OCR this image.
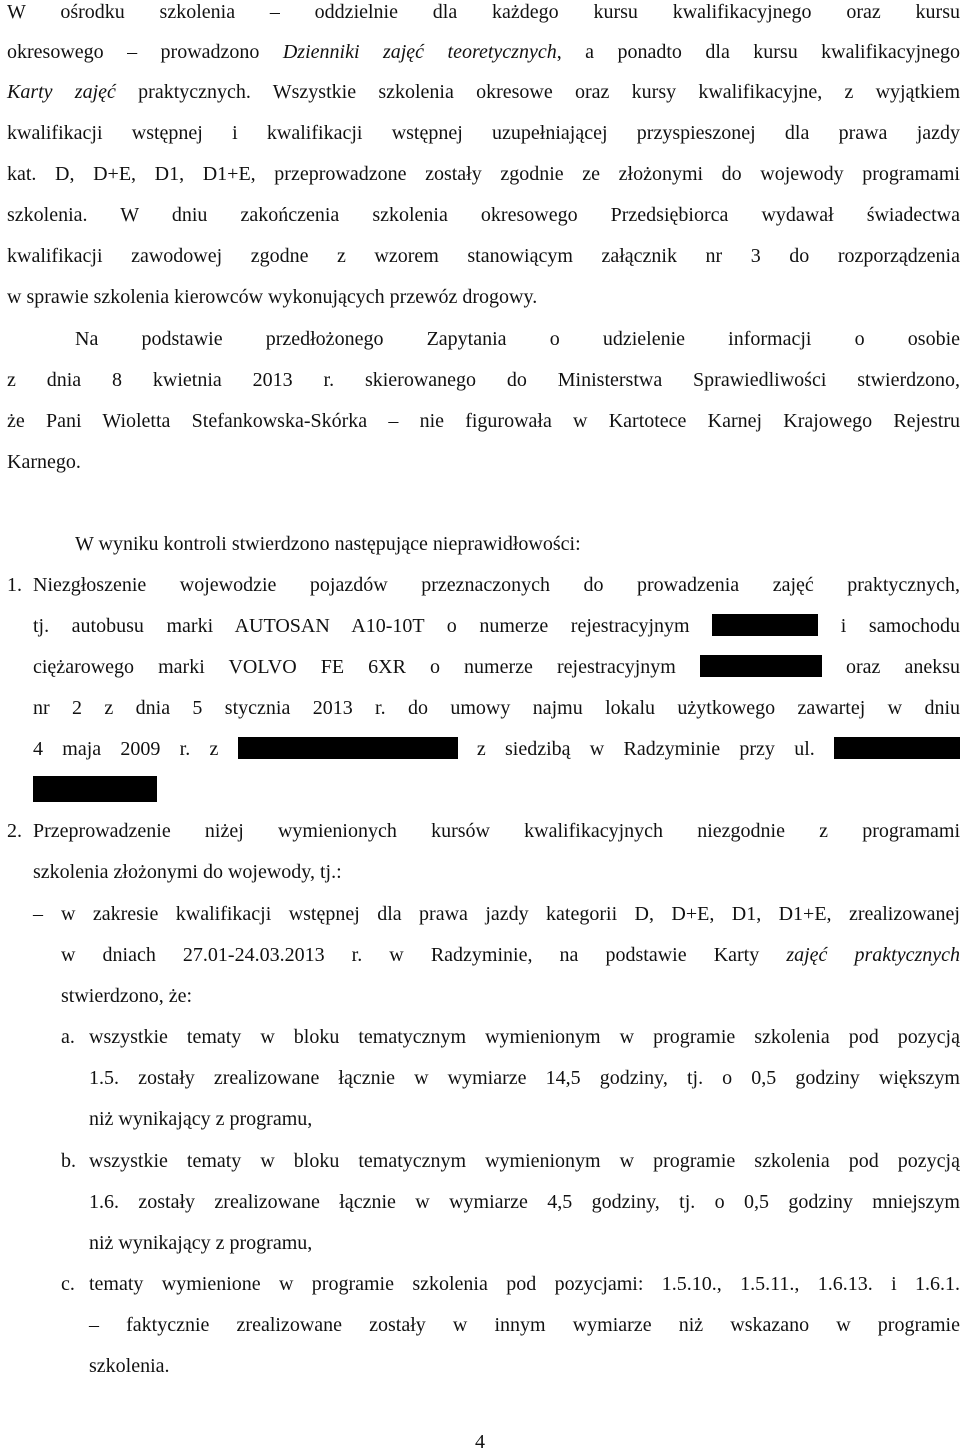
W ośrodku szkolenia – oddzielnie dla każdego kursu kwalifikacyjnego oraz kursu
okresowego – prowadzono Dzienniki zajęć teoretycznych, a ponadto dla kursu kwalifikacyjnego
Karty zajęć praktycznych. Wszystkie szkolenia okresowe oraz kursy kwalifikacyjne, z wyjątkiem
kwalifikacji wstępnej i kwalifikacji wstępnej uzupełniającej przyspieszonej dla prawa jazdy
kat. D, D+E, D1, D1+E, przeprowadzone zostały zgodnie ze złożonymi do wojewody programami
szkolenia. W dniu zakończenia szkolenia okresowego Przedsiębiorca wydawał świadectwa
kwalifikacji zawodowej zgodne z wzorem stanowiącym załącznik nr 3 do rozporządzenia
w sprawie szkolenia kierowców wykonujących przewóz drogowy.
Na podstawie przedłożonego Zapytania o udzielenie informacji o osobie
z dnia 8 kwietnia 2013 r. skierowanego do Ministerstwa Sprawiedliwości stwierdzono,
że Pani Wioletta Stefankowska-Skórka – nie figurowała w Kartotece Karnej Krajowego Rejestru
Karnego.
W wyniku kontroli stwierdzono następujące nieprawidłowości:
1. Niezgłoszenie wojewodzie pojazdów przeznaczonych do prowadzenia zajęć praktycznych,
tj. autobusu marki AUTOSAN A10-10T o numerze rejestracyjnym	i samochodu
ciężarowego marki VOLVO FE 6XR o numerze rejestracyjnym	oraz aneksu
nr 2 z dnia 5 stycznia 2013 r. do umowy najmu lokalu użytkowego zawartej w dniu
4 maja 2009 r. z	z siedzibą w Radzyminie przy ul.
2. Przeprowadzenie niżej wymienionych kursów kwalifikacyjnych niezgodnie z programami
szkolenia złożonymi do wojewody, tj.:
– w zakresie kwalifikacji wstępnej dla prawa jazdy kategorii D, D+E, D1, D1+E, zrealizowanej
w dniach 27.01-24.03.2013 r. w Radzyminie, na podstawie Karty zajęć praktycznych
stwierdzono, że:
a. wszystkie tematy w bloku tematycznym wymienionym w programie szkolenia pod pozycją
1.5. zostały zrealizowane łącznie w wymiarze 14,5 godziny, tj. o 0,5 godziny większym
niż wynikający z programu,
b. wszystkie tematy w bloku tematycznym wymienionym w programie szkolenia pod pozycją
1.6. zostały zrealizowane łącznie w wymiarze 4,5 godziny, tj. o 0,5 godziny mniejszym
niż wynikający z programu,
c. tematy wymienione w programie szkolenia pod pozycjami: 1.5.10., 1.5.11., 1.6.13. i 1.6.1.
– faktycznie zrealizowane zostały w innym wymiarze niż wskazano w programie
szkolenia.
4
